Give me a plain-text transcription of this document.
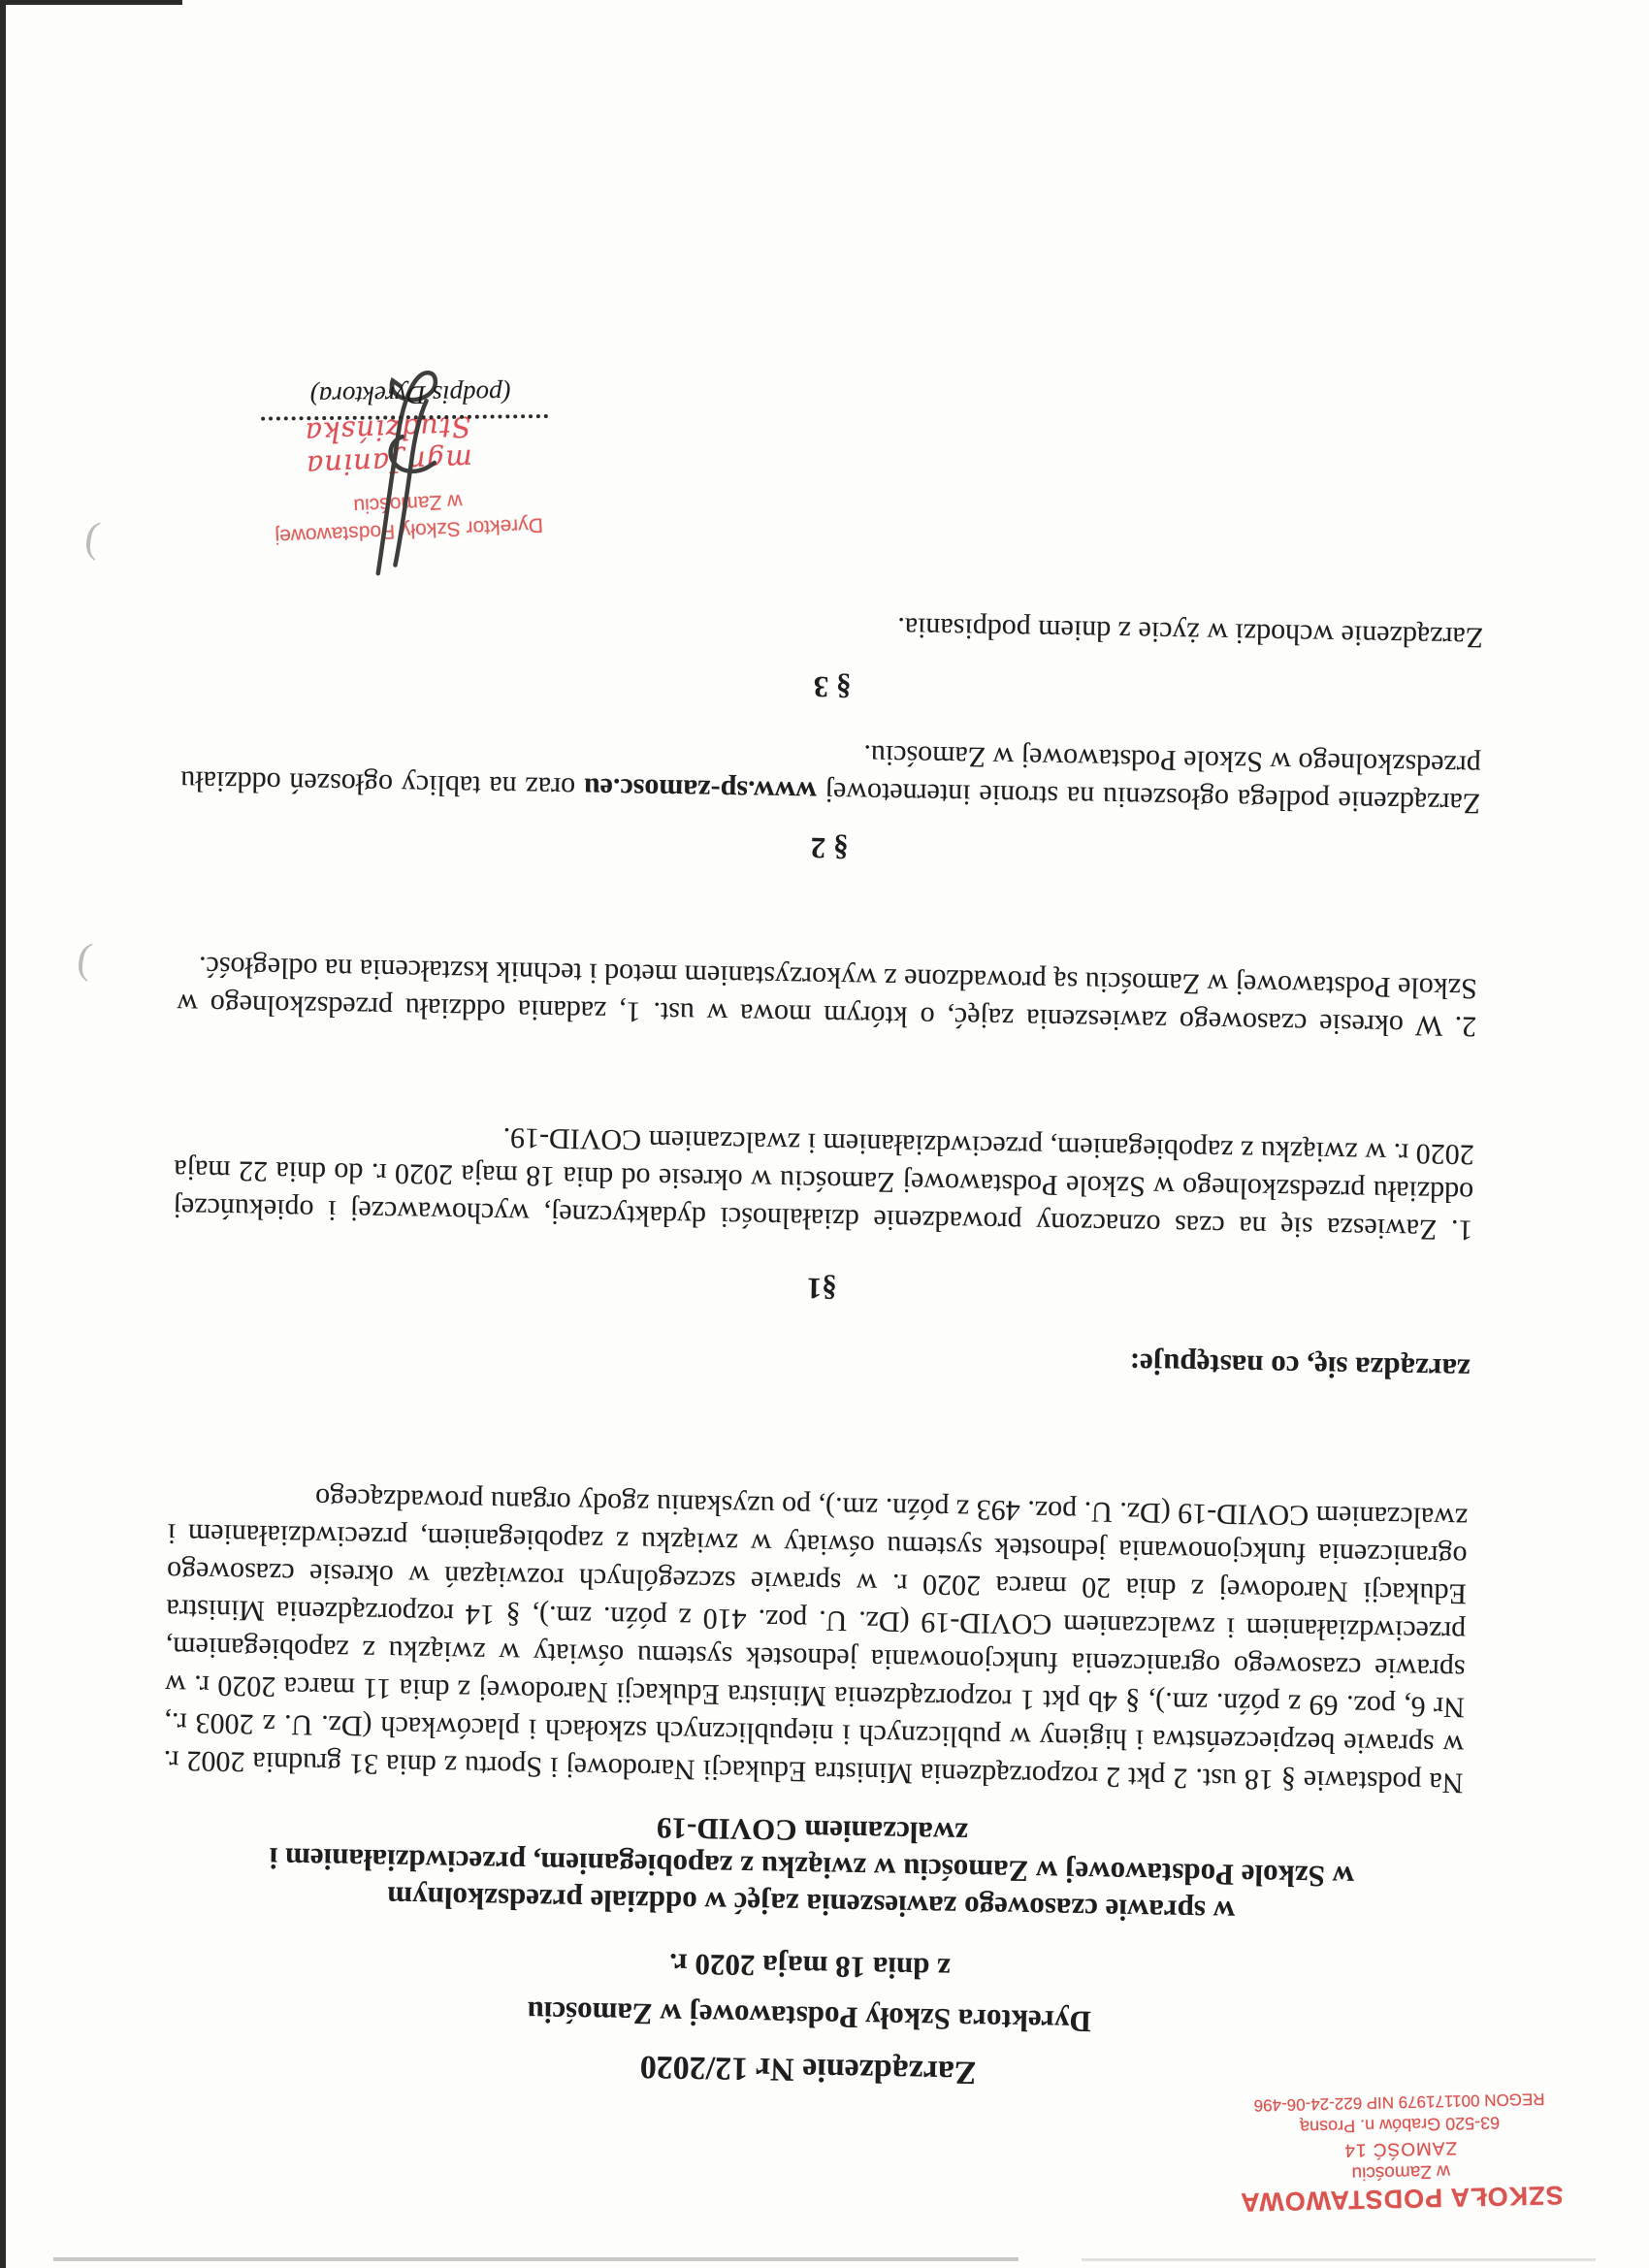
SZKOŁA PODSTAWOWA
w Zamościu
ZAMOŚĆ 14
63-520 Grabów n. Prosną
REGON 001171979 NIP 622-24-06-496
Zarządzenie Nr 12/2020
Dyrektora Szkoły Podstawowej w Zamościu
z dnia 18 maja 2020 r.
w sprawie czasowego zawieszenia zajęć w oddziale przedszkolnym
w Szkole Podstawowej w Zamościu w związku z zapobieganiem, przeciwdziałaniem i
zwalczaniem COVID-19
Na podstawie § 18 ust. 2 pkt 2 rozporządzenia Ministra Edukacji Narodowej i Sportu z dnia 31 grudnia 2002 r. w sprawie bezpieczeństwa i higieny w publicznych i niepublicznych szkołach i placówkach (Dz. U. z 2003 r., Nr 6, poz. 69 z późn. zm.), § 4b pkt 1 rozporządzenia Ministra Edukacji Narodowej z dnia 11 marca 2020 r. w sprawie czasowego ograniczenia funkcjonowania jednostek systemu oświaty w związku z zapobieganiem, przeciwdziałaniem i zwalczaniem COVID-19 (Dz. U. poz. 410 z późn. zm.), § 14 rozporządzenia Ministra Edukacji Narodowej z dnia 20 marca 2020 r. w sprawie szczególnych rozwiązań w okresie czasowego ograniczenia funkcjonowania jednostek systemu oświaty w związku z zapobieganiem, przeciwdziałaniem i zwalczaniem COVID-19 (Dz. U. poz. 493 z późn. zm.), po uzyskaniu zgody organu prowadzącego
zarządza się, co następuje:
§1
1. Zawiesza się na czas oznaczony prowadzenie działalności dydaktycznej, wychowawczej i opiekuńczej oddziału przedszkolnego w Szkole Podstawowej Zamościu w okresie od dnia 18 maja 2020 r. do dnia 22 maja 2020 r. w związku z zapobieganiem, przeciwdziałaniem i zwalczaniem COVID-19.
2. W okresie czasowego zawieszenia zajęć, o którym mowa w ust. 1, zadania oddziału przedszkolnego w Szkole Podstawowej w Zamościu są prowadzone z wykorzystaniem metod i technik kształcenia na odległość.
§ 2
Zarządzenie podlega ogłoszeniu na stronie internetowej www.sp-zamosc.eu oraz na tablicy ogłoszeń oddziału przedszkolnego w Szkole Podstawowej w Zamościu.
§ 3
Zarządzenie wchodzi w życie z dniem podpisania.
Dyrektor Szkoły Podstawowej
w Zamościu
mgr Janina Studzińska
(podpis Dyrektora)
(
(
